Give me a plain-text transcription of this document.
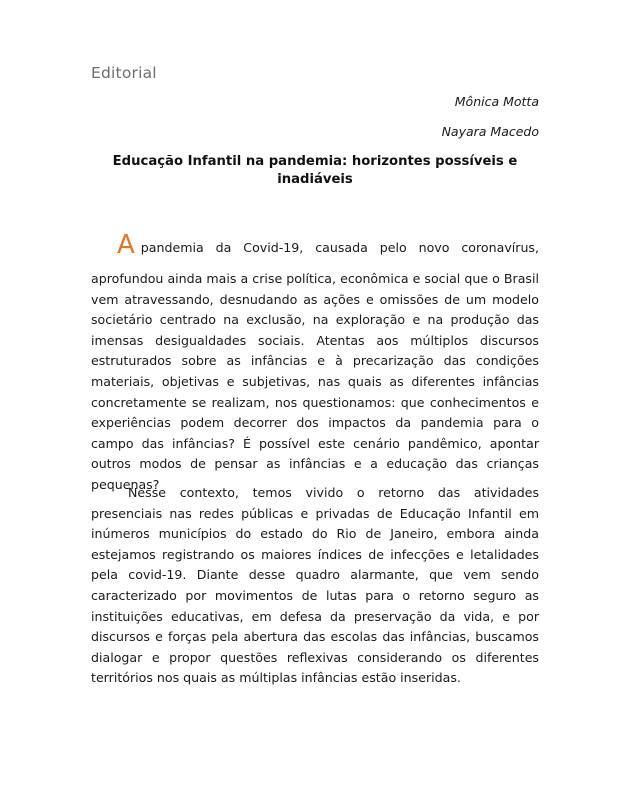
Editorial
Mônica Motta
Nayara Macedo
Educação Infantil na pandemia: horizontes possíveis e inadiáveis
Apandemia da Covid-19, causada pelo novo coronavírus,
aprofundou ainda mais a crise política, econômica e social que o Brasil vem atravessando, desnudando as ações e omissões de um modelo societário centrado na exclusão, na exploração e na produção das imensas desigualdades sociais. Atentas aos múltiplos discursos estruturados sobre as infâncias e à precarização das condições materiais, objetivas e subjetivas, nas quais as diferentes infâncias concretamente se realizam, nos questionamos: que conhecimentos e experiências podem decorrer dos impactos da pandemia para o campo das infâncias? É possível este cenário pandêmico, apontar outros modos de pensar as infâncias e a educação das crianças pequenas?
Nesse contexto, temos vivido o retorno das atividades presenciais nas redes públicas e privadas de Educação Infantil em inúmeros municípios do estado do Rio de Janeiro, embora ainda estejamos registrando os maiores índices de infecções e letalidades pela covid-19. Diante desse quadro alarmante, que vem sendo caracterizado por movimentos de lutas para o retorno seguro as instituições educativas, em defesa da preservação da vida, e por discursos e forças pela abertura das escolas das infâncias, buscamos dialogar e propor questões reflexivas considerando os diferentes territórios nos quais as múltiplas infâncias estão inseridas.
